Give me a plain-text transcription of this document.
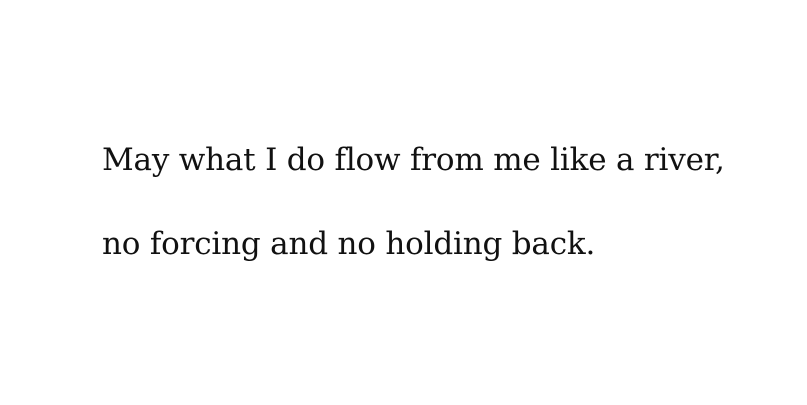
May what I do flow from me like a river,
no forcing and no holding back.
